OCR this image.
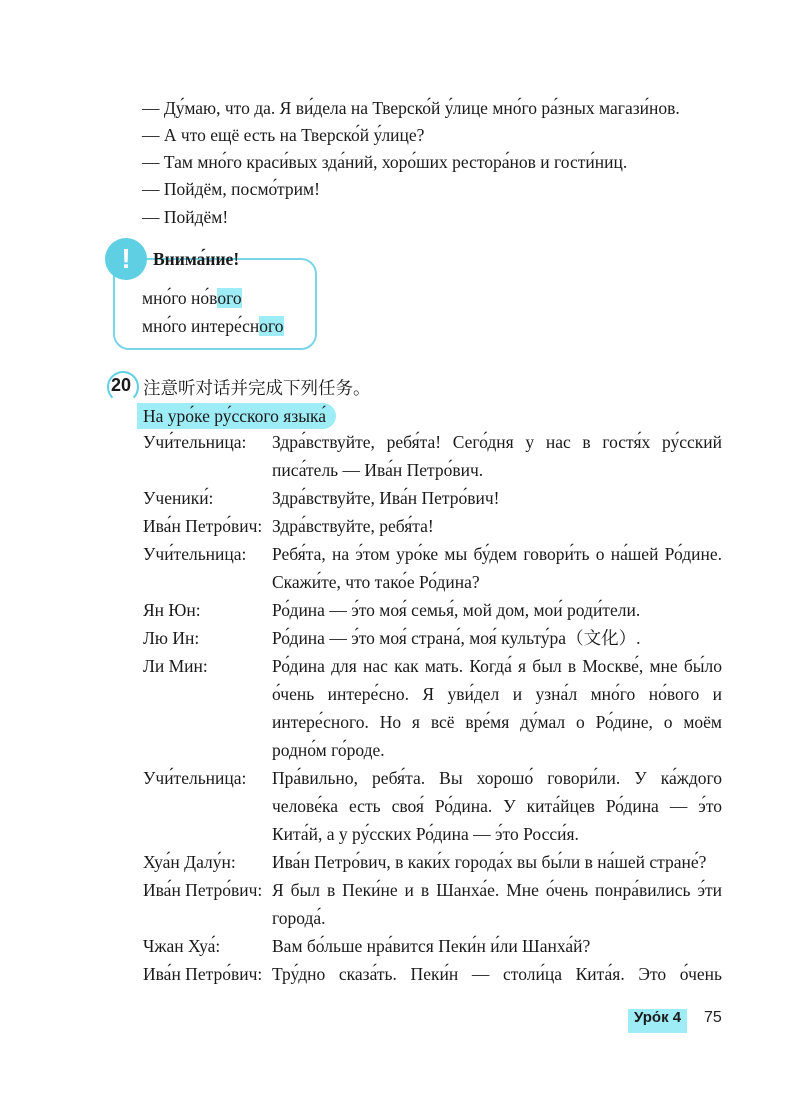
— Ду́маю, что да. Я ви́дела на Тверско́й у́лице мно́го ра́зных магази́нов.
— А что ещё есть на Тверско́й у́лице?
— Там мно́го краси́вых зда́ний, хоро́ших рестора́нов и гости́ниц.
— Пойдём, посмо́трим!
— Пойдём!
!	Внима́ние!
мно́го но́вого
мно́го интере́сного
20 注意听对话并完成下列任务。
На уро́ке ру́сского языка́
Учи́тельница: Здра́вствуйте, ребя́та! Сего́дня у нас в гостя́х ру́сский писа́тель — Ива́н Петро́вич.
Ученики́:	Здра́вствуйте, Ива́н Петро́вич!
Ива́н Петро́вич: Здра́вствуйте, ребя́та!
Учи́тельница: Ребя́та, на э́том уро́ке мы бу́дем говори́ть о на́шей Ро́дине. Скажи́те, что тако́е Ро́дина?
Ян Юн:	Ро́дина — э́то моя́ семья́, мой дом, мои́ роди́тели.
Лю Ин:	Ро́дина — э́то моя́ страна́, моя́ культу́ра（文化）.
Ли Мин:	Ро́дина для нас как мать. Когда́ я был в Москве́, мне бы́ло о́чень интере́сно. Я уви́дел и узна́л мно́го но́вого и интере́сного. Но я всё вре́мя ду́мал о Ро́дине, о моём родно́м го́роде.
Учи́тельница: Пра́вильно, ребя́та. Вы хорошо́ говори́ли. У ка́ждого челове́ка есть своя́ Ро́дина. У кита́йцев Ро́дина — э́то Кита́й, а у ру́сских Ро́дина — э́то Росси́я.
Хуа́н Далу́н: Ива́н Петро́вич, в каки́х города́х вы бы́ли в на́шей стране́?
Ива́н Петро́вич: Я был в Пеки́не и в Шанха́е. Мне о́чень понра́вились э́ти города́.
Чжан Хуа́:	Вам бо́льше нра́вится Пеки́н и́ли Шанха́й?
Ива́н Петро́вич: Тру́дно сказа́ть. Пеки́н — столи́ца Кита́я. Это о́чень
Уро́к 4	75
